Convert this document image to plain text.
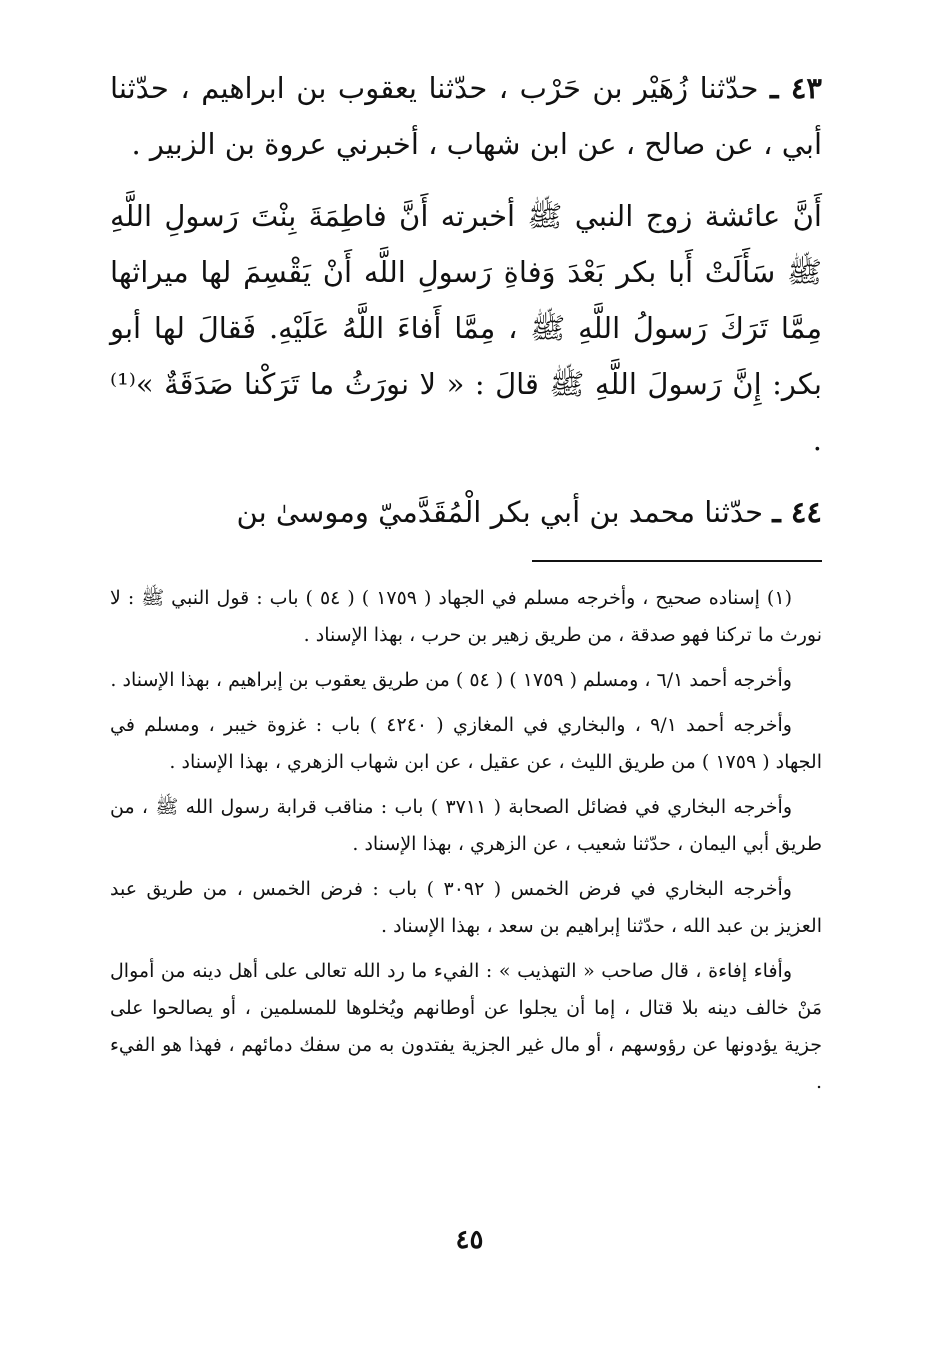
٤٣ ـ حدّثنا زُهَيْر بن حَرْب ، حدّثنا يعقوب بن ابراهيم ، حدّثنا أبي ، عن صالح ، عن ابن شهاب ، أخبرني عروة بن الزبير .

أَنَّ عائشة زوج النبي ﷺ أخبرته أَنَّ فاطِمَةَ بِنْتَ رَسولِ اللَّهِ ﷺ سَأَلَتْ أَبا بكر بَعْدَ وَفاةِ رَسولِ اللَّه أَنْ يَقْسِمَ لها ميراثها مِمَّا تَرَكَ رَسولُ اللَّهِ ﷺ ، مِمَّا أَفاءَ اللَّهُ عَلَيْهِ. فَقالَ لها أبو بكر: إِنَّ رَسولَ اللَّهِ ﷺ قالَ : « لا نورَثُ ما تَرَكْنا صَدَقَةٌ »⁽¹⁾ .

٤٤ ـ حدّثنا محمد بن أبي بكر الْمُقَدَّميّ وموسىٰ بن

(١) إسناده صحيح ، وأخرجه مسلم في الجهاد ( ١٧٥٩ ) ( ٥٤ ) باب : قول النبي ﷺ : لا نورث ما تركنا فهو صدقة ، من طريق زهير بن حرب ، بهذا الإسناد .

وأخرجه أحمد ٦/١ ، ومسلم ( ١٧٥٩ ) ( ٥٤ ) من طريق يعقوب بن إبراهيم ، بهذا الإسناد .

وأخرجه أحمد ٩/١ ، والبخاري في المغازي ( ٤٢٤٠ ) باب : غزوة خيبر ، ومسلم في الجهاد ( ١٧٥٩ ) من طريق الليث ، عن عقيل ، عن ابن شهاب الزهري ، بهذا الإسناد .

وأخرجه البخاري في فضائل الصحابة ( ٣٧١١ ) باب : مناقب قرابة رسول الله ﷺ ، من طريق أبي اليمان ، حدّثنا شعيب ، عن الزهري ، بهذا الإسناد .

وأخرجه البخاري في فرض الخمس ( ٣٠٩٢ ) باب : فرض الخمس ، من طريق عبد العزيز بن عبد الله ، حدّثنا إبراهيم بن سعد ، بهذا الإسناد .

وأفاء إفاءة ، قال صاحب « التهذيب » : الفيء ما رد الله تعالى على أهل دينه من أموال مَنْ خالف دينه بلا قتال ، إما أن يجلوا عن أوطانهم ويُخلوها للمسلمين ، أو يصالحوا على جزية يؤدونها عن رؤوسهم ، أو مال غير الجزية يفتدون به من سفك دمائهم ، فهذا هو الفيء .

٤٥
